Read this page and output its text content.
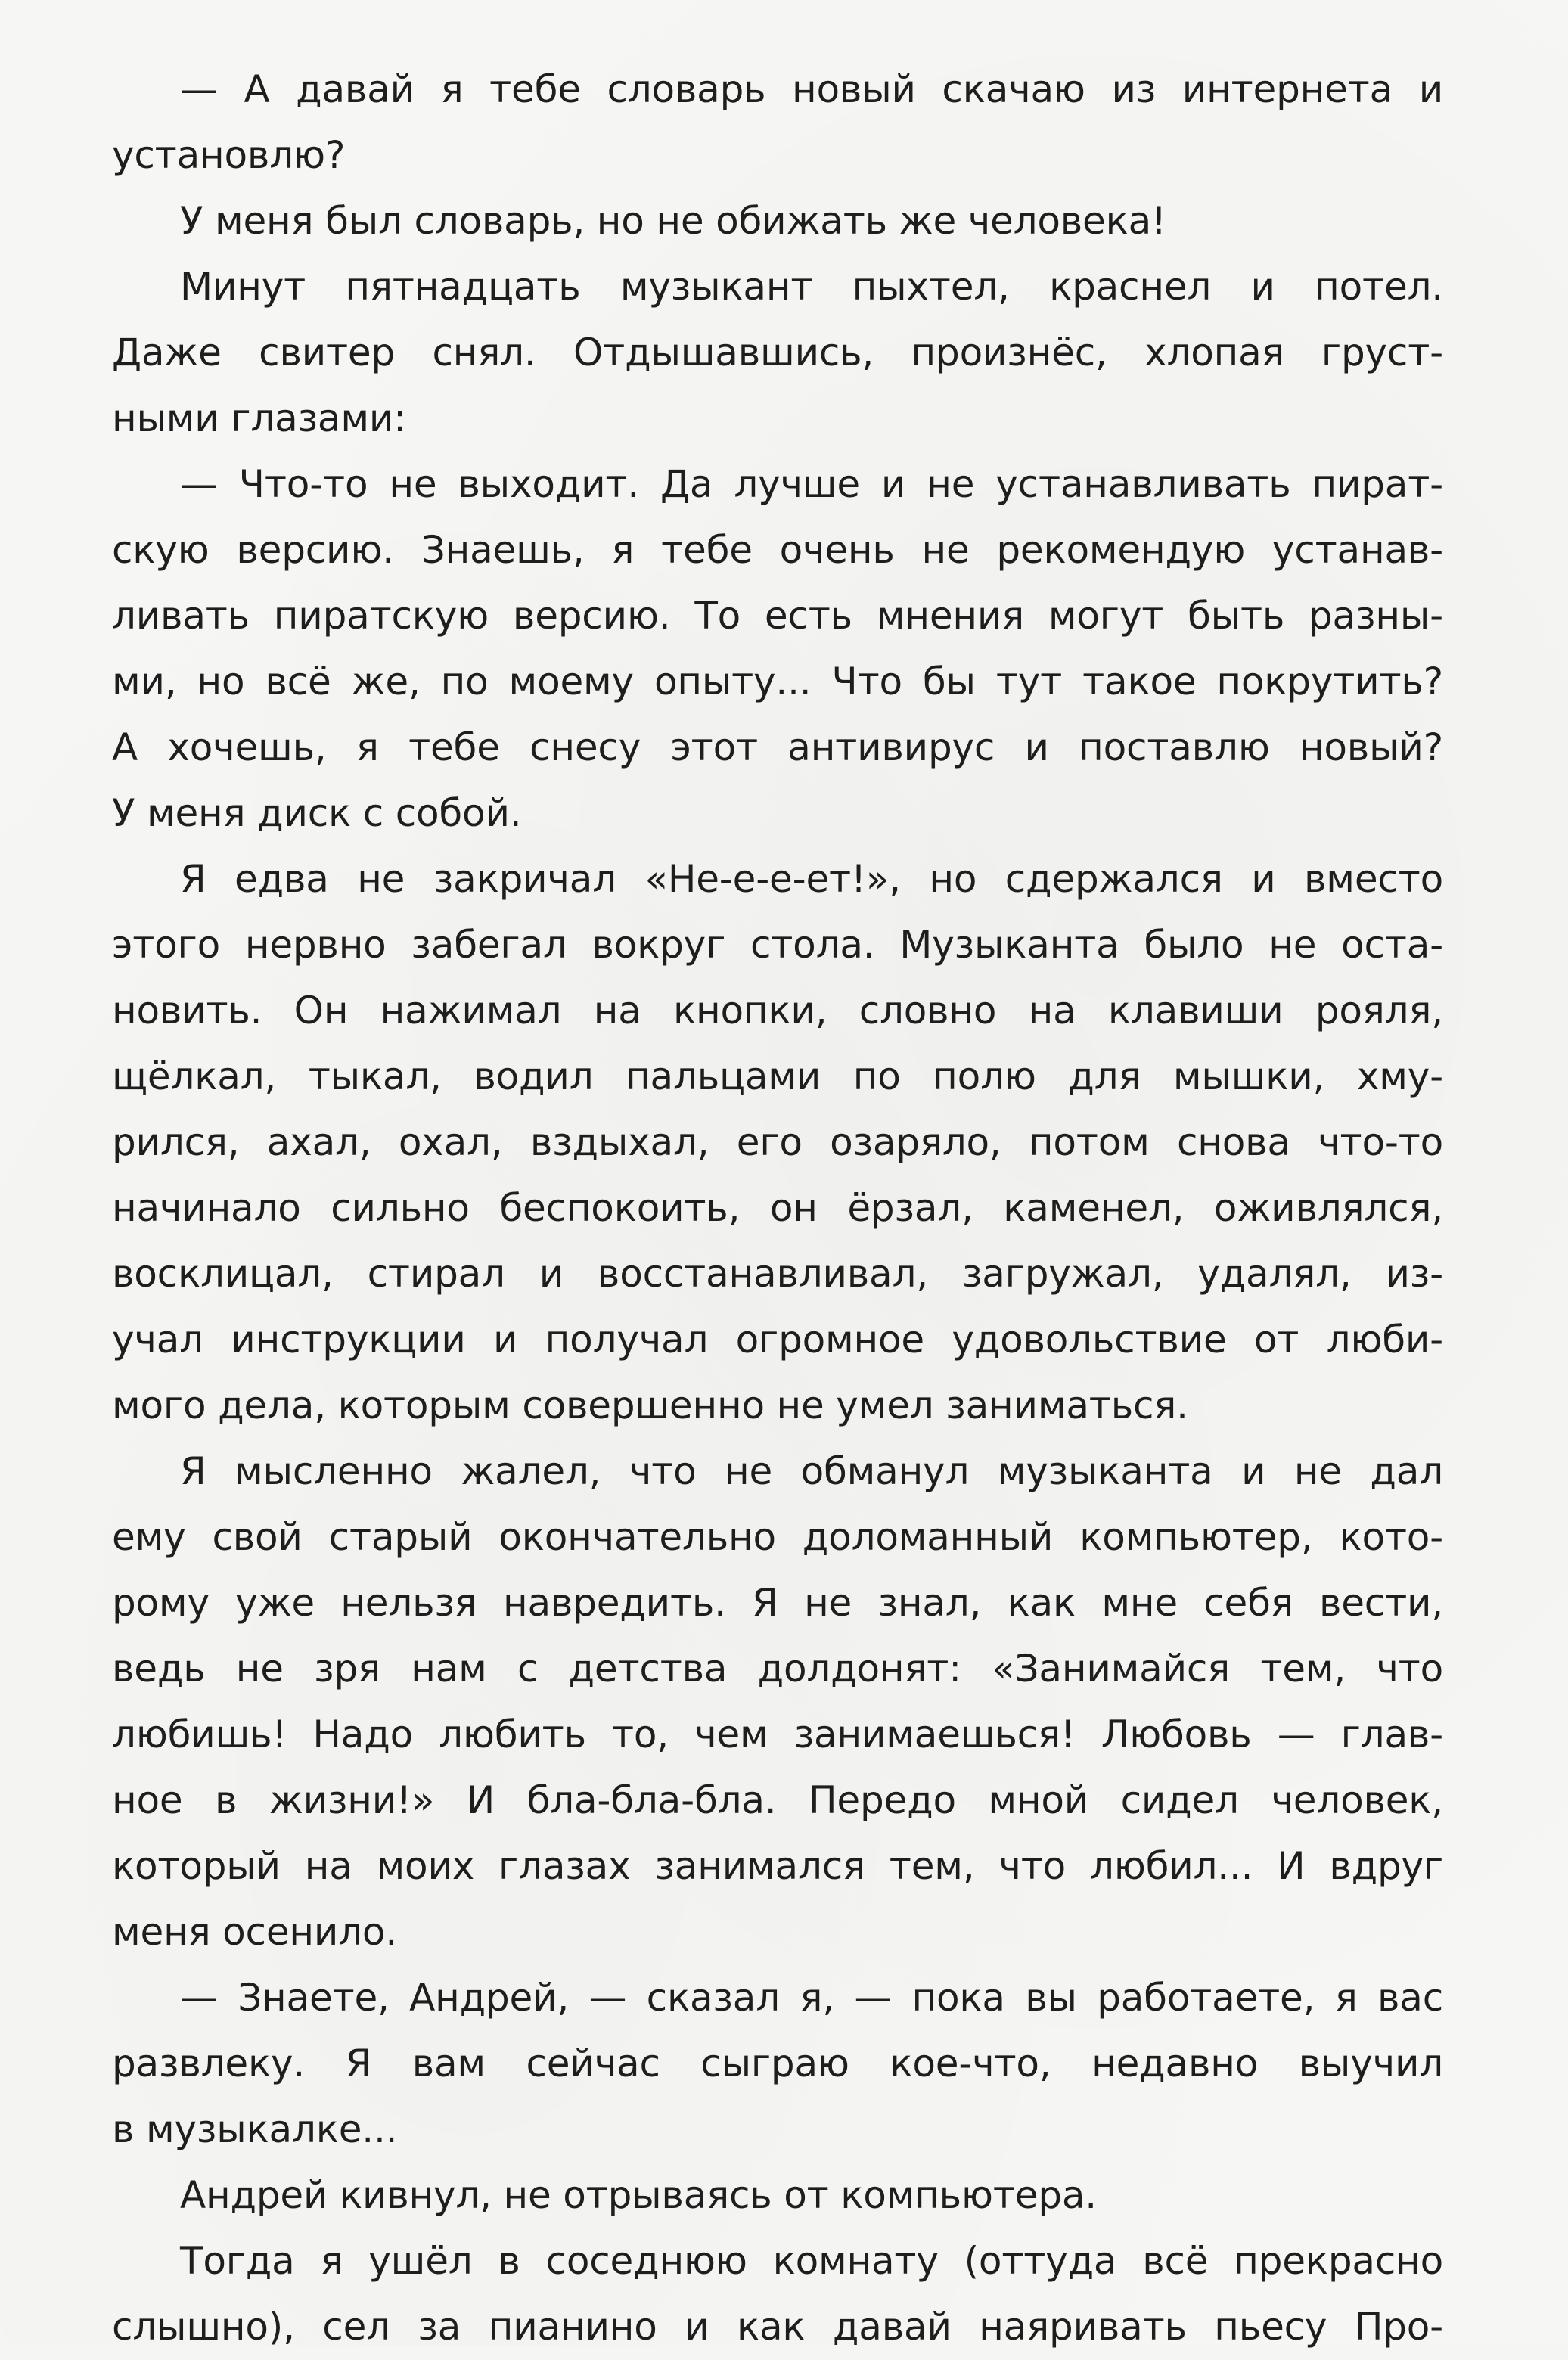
— А давай я тебе словарь новый скачаю из интернета и
установлю?
У меня был словарь, но не обижать же человека!
Минут пятнадцать музыкант пыхтел, краснел и потел.
Даже свитер снял. Отдышавшись, произнёс, хлопая груст-
ными глазами:
— Что-то не выходит. Да лучше и не устанавливать пират-
скую версию. Знаешь, я тебе очень не рекомендую устанав-
ливать пиратскую версию. То есть мнения могут быть разны-
ми, но всё же, по моему опыту... Что бы тут такое покрутить?
А хочешь, я тебе снесу этот антивирус и поставлю новый?
У меня диск с собой.
Я едва не закричал «Не-е-е-ет!», но сдержался и вместо
этого нервно забегал вокруг стола. Музыканта было не оста-
новить. Он нажимал на кнопки, словно на клавиши рояля,
щёлкал, тыкал, водил пальцами по полю для мышки, хму-
рился, ахал, охал, вздыхал, его озаряло, потом снова что-то
начинало сильно беспокоить, он ёрзал, каменел, оживлялся,
восклицал, стирал и восстанавливал, загружал, удалял, из-
учал инструкции и получал огромное удовольствие от люби-
мого дела, которым совершенно не умел заниматься.
Я мысленно жалел, что не обманул музыканта и не дал
ему свой старый окончательно доломанный компьютер, кото-
рому уже нельзя навредить. Я не знал, как мне себя вести,
ведь не зря нам с детства долдонят: «Занимайся тем, что
любишь! Надо любить то, чем занимаешься! Любовь — глав-
ное в жизни!» И бла-бла-бла. Передо мной сидел человек,
который на моих глазах занимался тем, что любил... И вдруг
меня осенило.
— Знаете, Андрей, — сказал я, — пока вы работаете, я вас
развлеку. Я вам сейчас сыграю кое-что, недавно выучил
в музыкалке...
Андрей кивнул, не отрываясь от компьютера.
Тогда я ушёл в соседнюю комнату (оттуда всё прекрасно
слышно), сел за пианино и как давай наяривать пьесу Про-
